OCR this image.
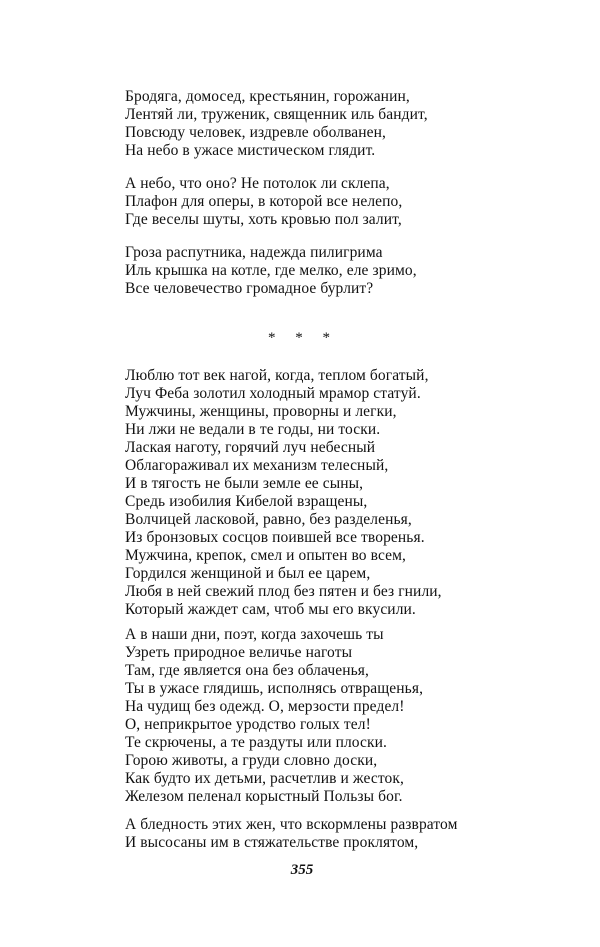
Бродяга, домосед, крестьянин, горожанин,
Лентяй ли, труженик, священник иль бандит,
Повсюду человек, издревле оболванен,
На небо в ужасе мистическом глядит.
А небо, что оно? Не потолок ли склепа,
Плафон для оперы, в которой все нелепо,
Где веселы шуты, хоть кровью пол залит,
Гроза распутника, надежда пилигрима
Иль крышка на котле, где мелко, еле зримо,
Все человечество громадное бурлит?
* * *
Люблю тот век нагой, когда, теплом богатый,
Луч Феба золотил холодный мрамор статуй.
Мужчины, женщины, проворны и легки,
Ни лжи не ведали в те годы, ни тоски.
Лаская наготу, горячий луч небесный
Облагораживал их механизм телесный,
И в тягость не были земле ее сыны,
Средь изобилия Кибелой взращены,
Волчицей ласковой, равно, без разделенья,
Из бронзовых сосцов поившей все творенья.
Мужчина, крепок, смел и опытен во всем,
Гордился женщиной и был ее царем,
Любя в ней свежий плод без пятен и без гнили,
Который жаждет сам, чтоб мы его вкусили.
А в наши дни, поэт, когда захочешь ты
Узреть природное величье наготы
Там, где является она без облаченья,
Ты в ужасе глядишь, исполнясь отвращенья,
На чудищ без одежд. О, мерзости предел!
О, неприкрытое уродство голых тел!
Те скрючены, а те раздуты или плоски.
Горою животы, а груди словно доски,
Как будто их детьми, расчетлив и жесток,
Железом пеленал корыстный Пользы бог.
А бледность этих жен, что вскормлены развратом
И высосаны им в стяжательстве проклятом,
355
